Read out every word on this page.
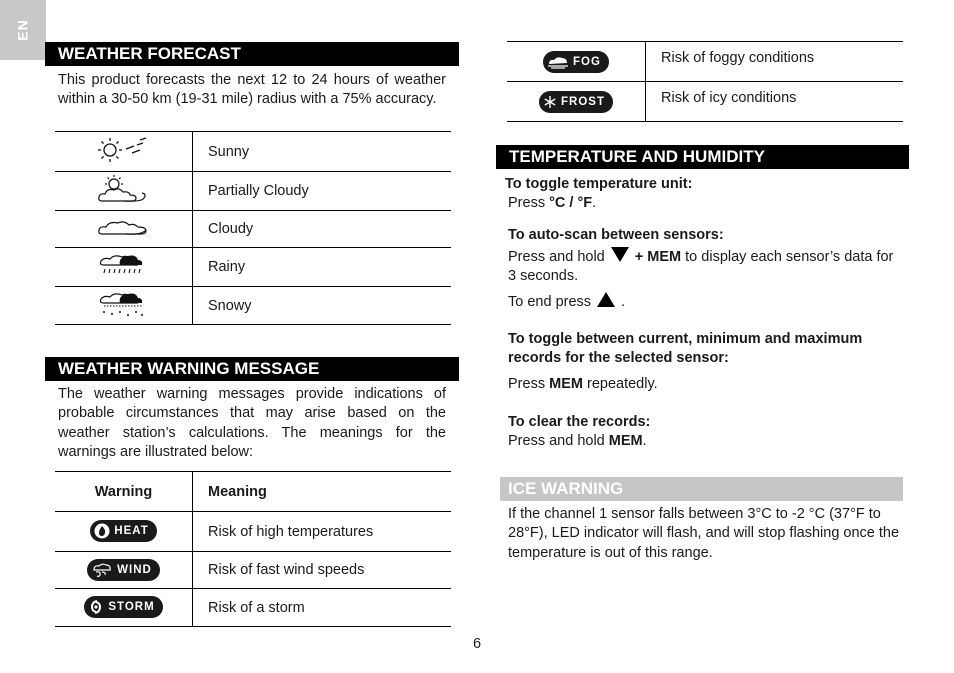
EN
WEATHER FORECAST

This product forecasts the next 12 to 24 hours of weather within a 30-50 km (19-31 mile) radius with a 75% accuracy.

	Sunny
	Partially Cloudy
	Cloudy
	Rainy
	Snowy
WEATHER WARNING MESSAGE

The weather warning messages provide indications of probable circumstances that may arise based on the weather station’s calculations. The meanings for the warnings are illustrated below:

Warning	Meaning

HEAT	Risk of high temperatures

WIND	Risk of fast wind speeds

STORM	Risk of a storm
FOG	Risk of foggy conditions

FROST	Risk of icy conditions
TEMPERATURE AND HUMIDITY

To toggle temperature unit:

Press °C / °F.

To auto-scan between sensors:

Press and hold + MEM to display each sensor’s data for 3 seconds.

To end press .

To toggle between current, minimum and maximum records for the selected sensor:

Press MEM repeatedly.

To clear the records:

Press and hold MEM.

ICE WARNING

If the channel 1 sensor falls between 3°C to -2 °C (37°F to 28°F), LED indicator will flash, and will stop flashing once the temperature is out of this range.

6
